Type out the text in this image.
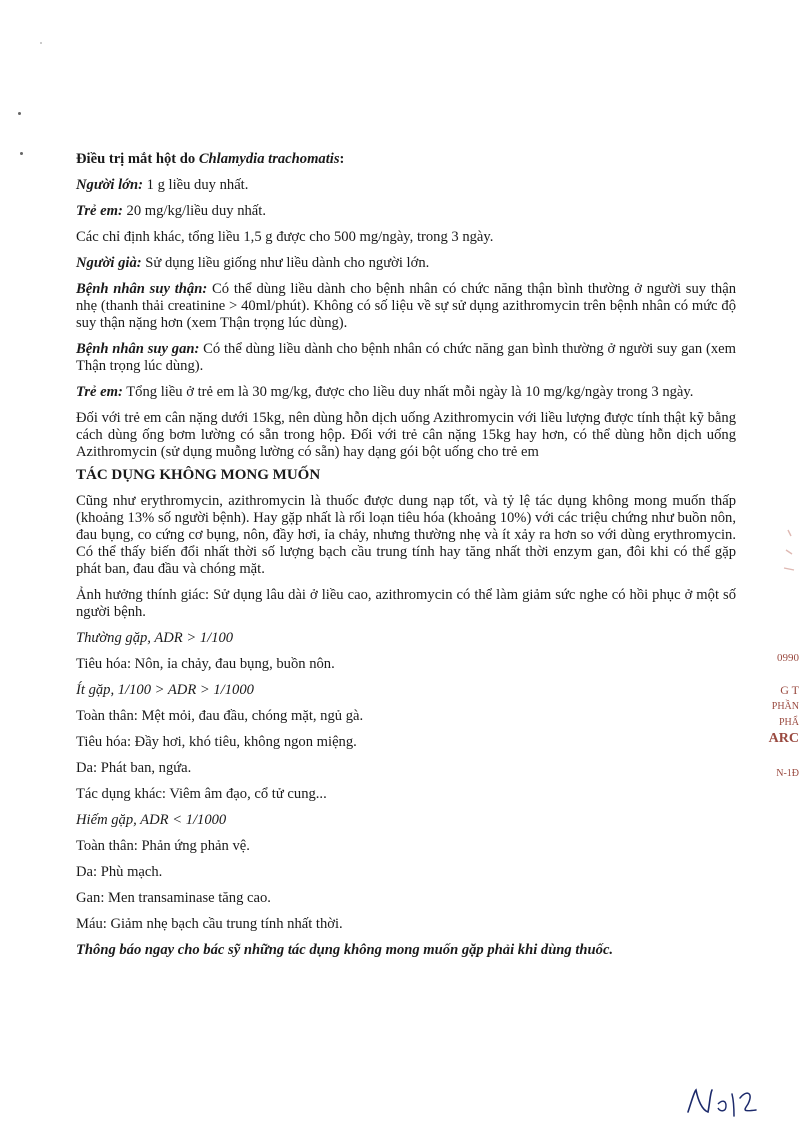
Điều trị mắt hột do Chlamydia trachomatis:

Người lớn: 1 g liều duy nhất.

Trẻ em: 20 mg/kg/liều duy nhất.

Các chỉ định khác, tổng liều 1,5 g được cho 500 mg/ngày, trong 3 ngày.

Người già: Sử dụng liều giống như liều dành cho người lớn.

Bệnh nhân suy thận: Có thể dùng liều dành cho bệnh nhân có chức năng thận bình thường ở người suy thận nhẹ (thanh thải creatinine > 40ml/phút). Không có số liệu về sự sử dụng azithromycin trên bệnh nhân có mức độ suy thận nặng hơn (xem Thận trọng lúc dùng).

Bệnh nhân suy gan: Có thể dùng liều dành cho bệnh nhân có chức năng gan bình thường ở người suy gan (xem Thận trọng lúc dùng).

Trẻ em: Tổng liều ở trẻ em là 30 mg/kg, được cho liều duy nhất mỗi ngày là 10 mg/kg/ngày trong 3 ngày.

Đối với trẻ em cân nặng dưới 15kg, nên dùng hỗn dịch uống Azithromycin với liều lượng được tính thật kỹ bằng cách dùng ống bơm lường có sẵn trong hộp. Đối với trẻ cân nặng 15kg hay hơn, có thể dùng hỗn dịch uống Azithromycin (sử dụng muỗng lường có sẵn) hay dạng gói bột uống cho trẻ em

TÁC DỤNG KHÔNG MONG MUỐN

Cũng như erythromycin, azithromycin là thuốc được dung nạp tốt, và tỷ lệ tác dụng không mong muốn thấp (khoảng 13% số người bệnh). Hay gặp nhất là rối loạn tiêu hóa (khoảng 10%) với các triệu chứng như buồn nôn, đau bụng, co cứng cơ bụng, nôn, đầy hơi, ỉa chảy, nhưng thường nhẹ và ít xảy ra hơn so với dùng erythromycin. Có thể thấy biến đổi nhất thời số lượng bạch cầu trung tính hay tăng nhất thời enzym gan, đôi khi có thể gặp phát ban, đau đầu và chóng mặt.

Ảnh hưởng thính giác: Sử dụng lâu dài ở liều cao, azithromycin có thể làm giảm sức nghe có hồi phục ở một số người bệnh.

Thường gặp, ADR > 1/100

Tiêu hóa: Nôn, ỉa chảy, đau bụng, buồn nôn.

Ít gặp, 1/100 > ADR > 1/1000

Toàn thân: Mệt mỏi, đau đầu, chóng mặt, ngủ gà.

Tiêu hóa: Đầy hơi, khó tiêu, không ngon miệng.

Da: Phát ban, ngứa.

Tác dụng khác: Viêm âm đạo, cổ tử cung...

Hiếm gặp, ADR < 1/1000

Toàn thân: Phản ứng phản vệ.

Da: Phù mạch.

Gan: Men transaminase tăng cao.

Máu: Giảm nhẹ bạch cầu trung tính nhất thời.

Thông báo ngay cho bác sỹ những tác dụng không mong muốn gặp phải khi dùng thuốc.

0990
G T
PHẦN
PHẨ
ARC
N-1Đ
